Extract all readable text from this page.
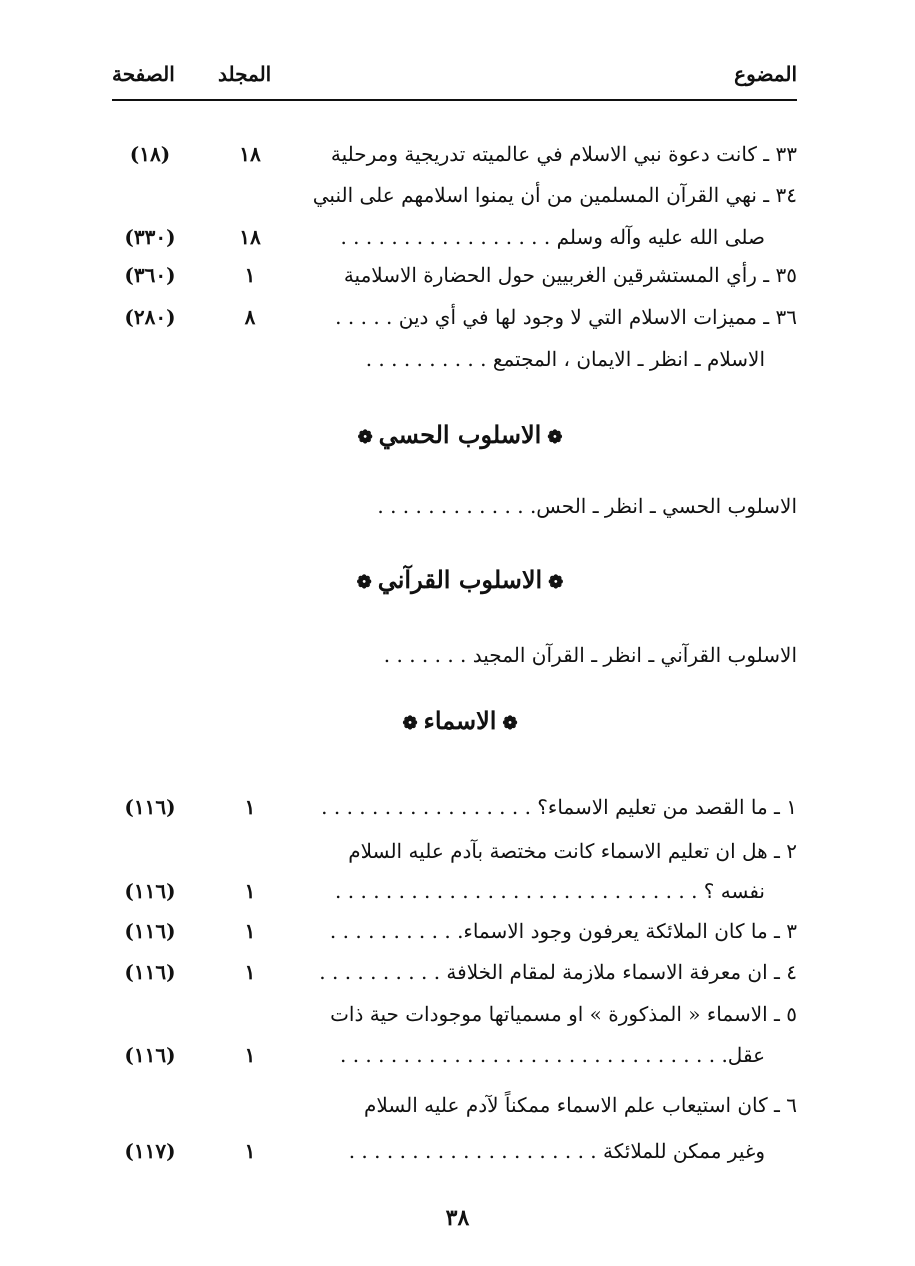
المضوع
المجلد
الصفحة
٣٣ ـ كانت دعوة نبي الاسلام في عالميته تدريجية ومرحلية
١٨
(١٨)
٣٤ ـ نهي القرآن المسلمين من أن يمنوا اسلامهم على النبي
صلى الله عليه وآله وسلم . . . . . . . . . . . . . . . . .
١٨
(٣٣٠)
٣٥ ـ رأي المستشرقين الغربيين حول الحضارة الاسلامية
١
(٣٦٠)
٣٦ ـ مميزات الاسلام التي لا وجود لها في أي دين . . . . .
٨
(٢٨٠)
الاسلام ـ انظر ـ الايمان ، المجتمع . . . . . . . . . .
❁الاسلوب الحسي❁
الاسلوب الحسي ـ انظر ـ الحس. . . . . . . . . . . . .
❁الاسلوب القرآني❁
الاسلوب القرآني ـ انظر ـ القرآن المجيد . . . . . . .
❁الاسماء❁
١ ـ ما القصد من تعليم الاسماء؟ . . . . . . . . . . . . . . . . .
١
(١١٦)
٢ ـ هل ان تعليم الاسماء كانت مختصة بآدم عليه السلام
نفسه ؟ . . . . . . . . . . . . . . . . . . . . . . . . . . . . .
١
(١١٦)
٣ ـ ما كان الملائكة يعرفون وجود الاسماء. . . . . . . . . . .
١
(١١٦)
٤ ـ ان معرفة الاسماء ملازمة لمقام الخلافة . . . . . . . . . .
١
(١١٦)
٥ ـ الاسماء « المذكورة » او مسمياتها موجودات حية ذات
عقل. . . . . . . . . . . . . . . . . . . . . . . . . . . . . . .
١
(١١٦)
٦ ـ كان استيعاب علم الاسماء ممكناً لآدم عليه السلام
وغير ممكن للملائكة . . . . . . . . . . . . . . . . . . . .
١
(١١٧)
٣٨
